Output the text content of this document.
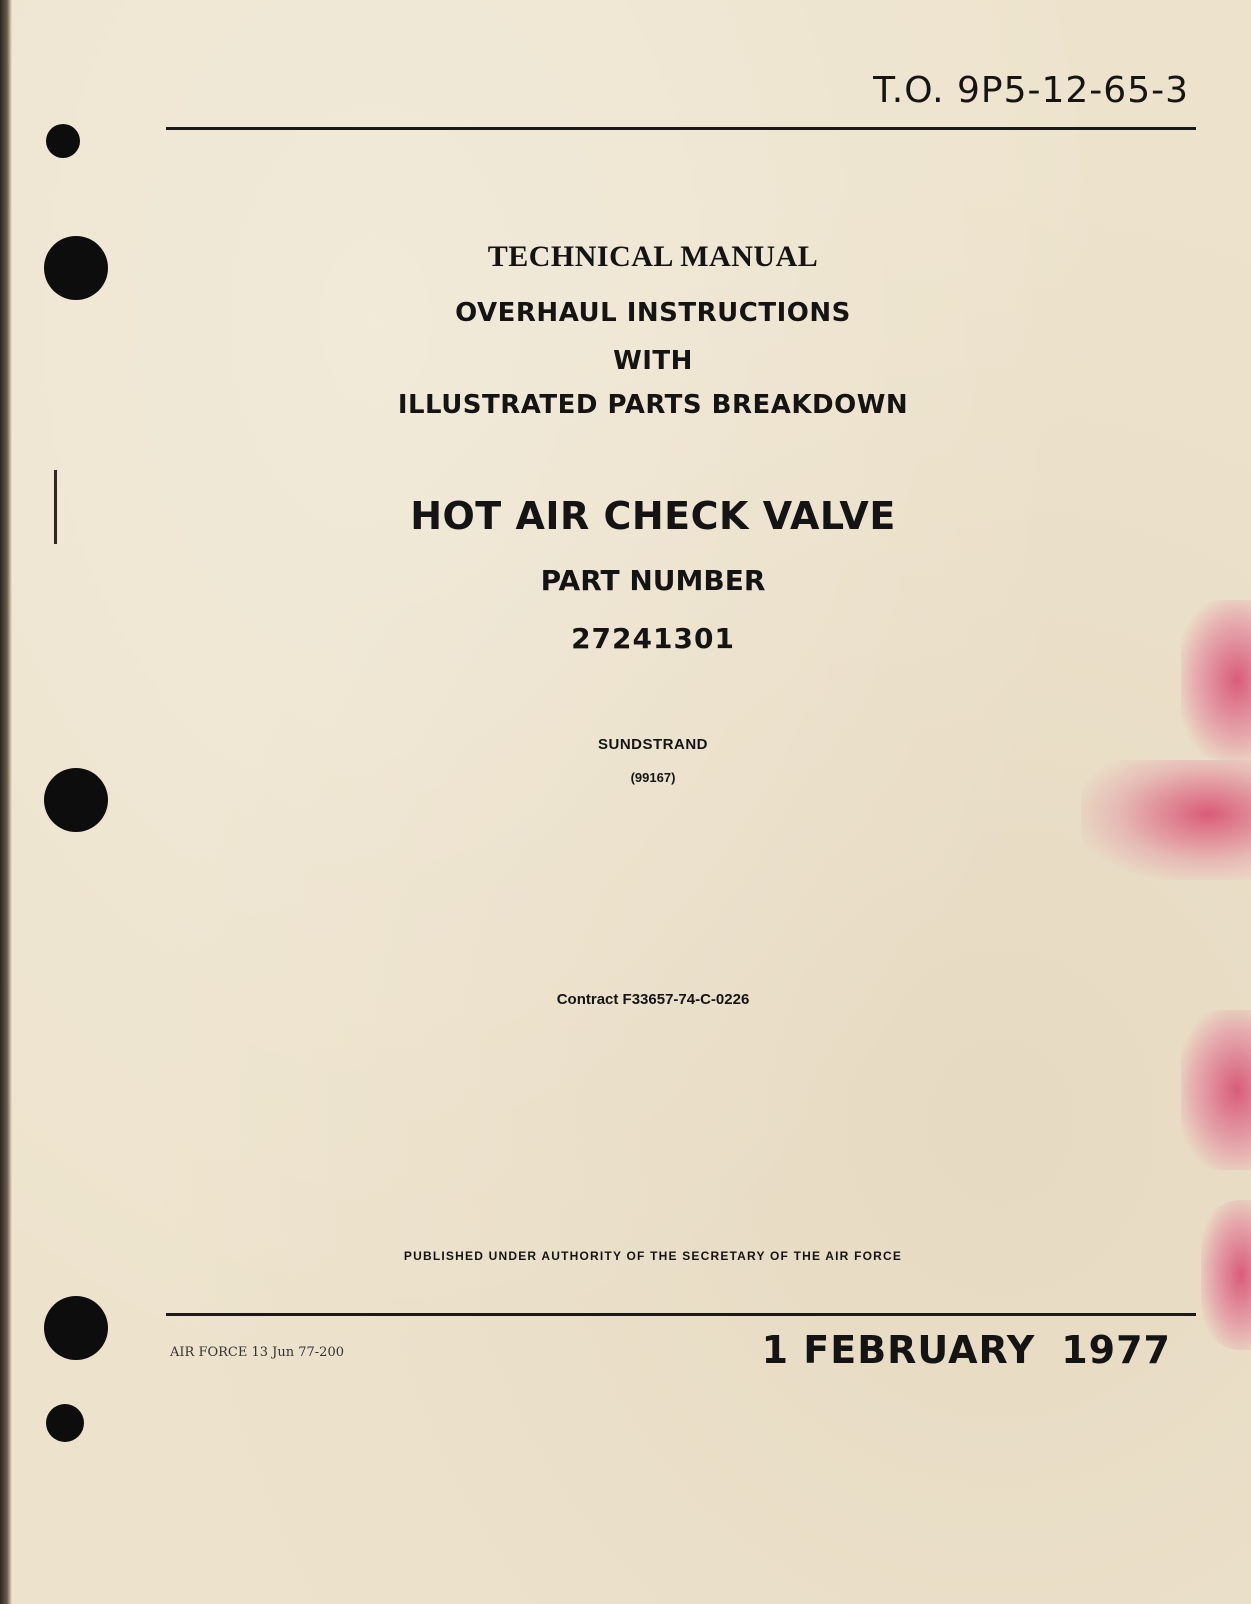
T.O. 9P5-12-65-3
TECHNICAL MANUAL
OVERHAUL INSTRUCTIONS
WITH
ILLUSTRATED PARTS BREAKDOWN
HOT AIR CHECK VALVE
PART NUMBER
27241301
SUNDSTRAND
(99167)
Contract F33657-74-C-0226
PUBLISHED UNDER AUTHORITY OF THE SECRETARY OF THE AIR FORCE
AIR FORCE 13 Jun 77-200	1 FEBRUARY 1977
